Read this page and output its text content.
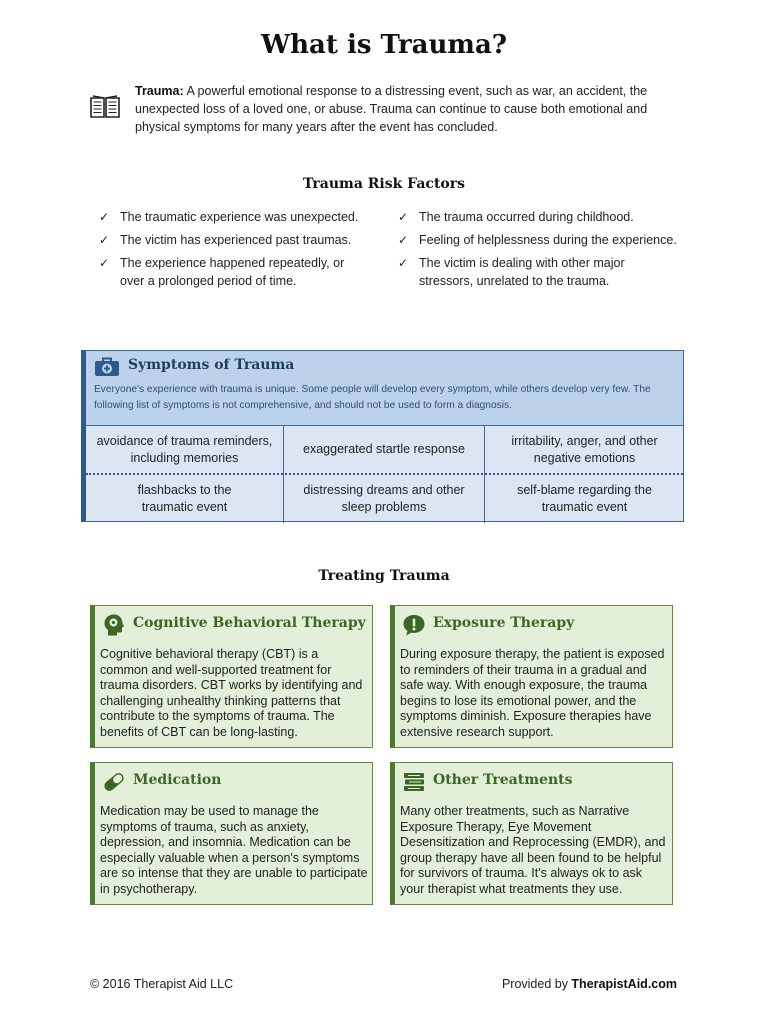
What is Trauma?
Trauma: A powerful emotional response to a distressing event, such as war, an accident, the unexpected loss of a loved one, or abuse. Trauma can continue to cause both emotional and physical symptoms for many years after the event has concluded.
Trauma Risk Factors
✓ The traumatic experience was unexpected.
✓ The victim has experienced past traumas.
✓ The experience happened repeatedly, or over a prolonged period of time.
✓ The trauma occurred during childhood.
✓ Feeling of helplessness during the experience.
✓ The victim is dealing with other major stressors, unrelated to the trauma.
Symptoms of Trauma
Everyone's experience with trauma is unique. Some people will develop every symptom, while others develop very few. The following list of symptoms is not comprehensive, and should not be used to form a diagnosis.
avoidance of trauma reminders, including memories
exaggerated startle response
irritability, anger, and other negative emotions
flashbacks to the traumatic event
distressing dreams and other sleep problems
self-blame regarding the traumatic event
Treating Trauma
Cognitive Behavioral Therapy
Cognitive behavioral therapy (CBT) is a common and well-supported treatment for trauma disorders. CBT works by identifying and challenging unhealthy thinking patterns that contribute to the symptoms of trauma. The benefits of CBT can be long-lasting.
Exposure Therapy
During exposure therapy, the patient is exposed to reminders of their trauma in a gradual and safe way. With enough exposure, the trauma begins to lose its emotional power, and the symptoms diminish. Exposure therapies have extensive research support.
Medication
Medication may be used to manage the symptoms of trauma, such as anxiety, depression, and insomnia. Medication can be especially valuable when a person's symptoms are so intense that they are unable to participate in psychotherapy.
Other Treatments
Many other treatments, such as Narrative Exposure Therapy, Eye Movement Desensitization and Reprocessing (EMDR), and group therapy have all been found to be helpful for survivors of trauma. It's always ok to ask your therapist what treatments they use.
© 2016 Therapist Aid LLC	Provided by TherapistAid.com
